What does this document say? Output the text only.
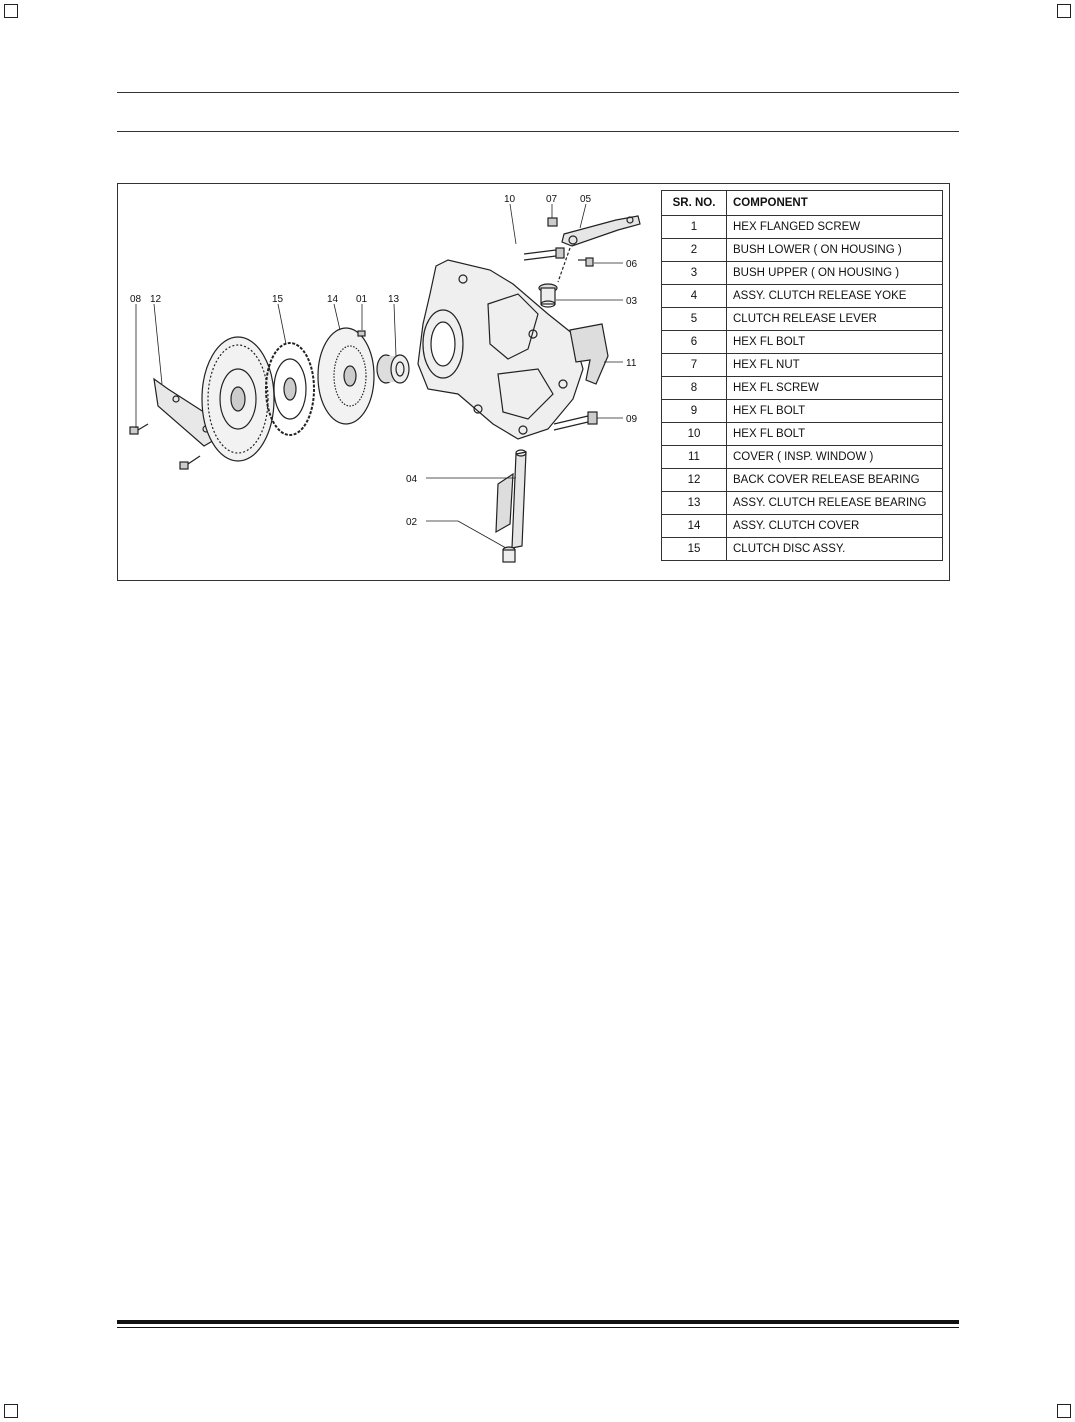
08 12	15	14 01 13
10	07 05
06
03
11
09
04
02
SR. NO.	COMPONENT
1	HEX FLANGED SCREW
2	BUSH LOWER ( ON HOUSING )
3	BUSH UPPER ( ON HOUSING )
4	ASSY. CLUTCH RELEASE YOKE
5	CLUTCH RELEASE LEVER
6	HEX FL BOLT
7	HEX FL NUT
8	HEX FL SCREW
9	HEX FL BOLT
10	HEX FL BOLT
11	COVER ( INSP. WINDOW )
12	BACK COVER RELEASE BEARING
13	ASSY. CLUTCH RELEASE BEARING
14	ASSY. CLUTCH COVER
15	CLUTCH DISC ASSY.
